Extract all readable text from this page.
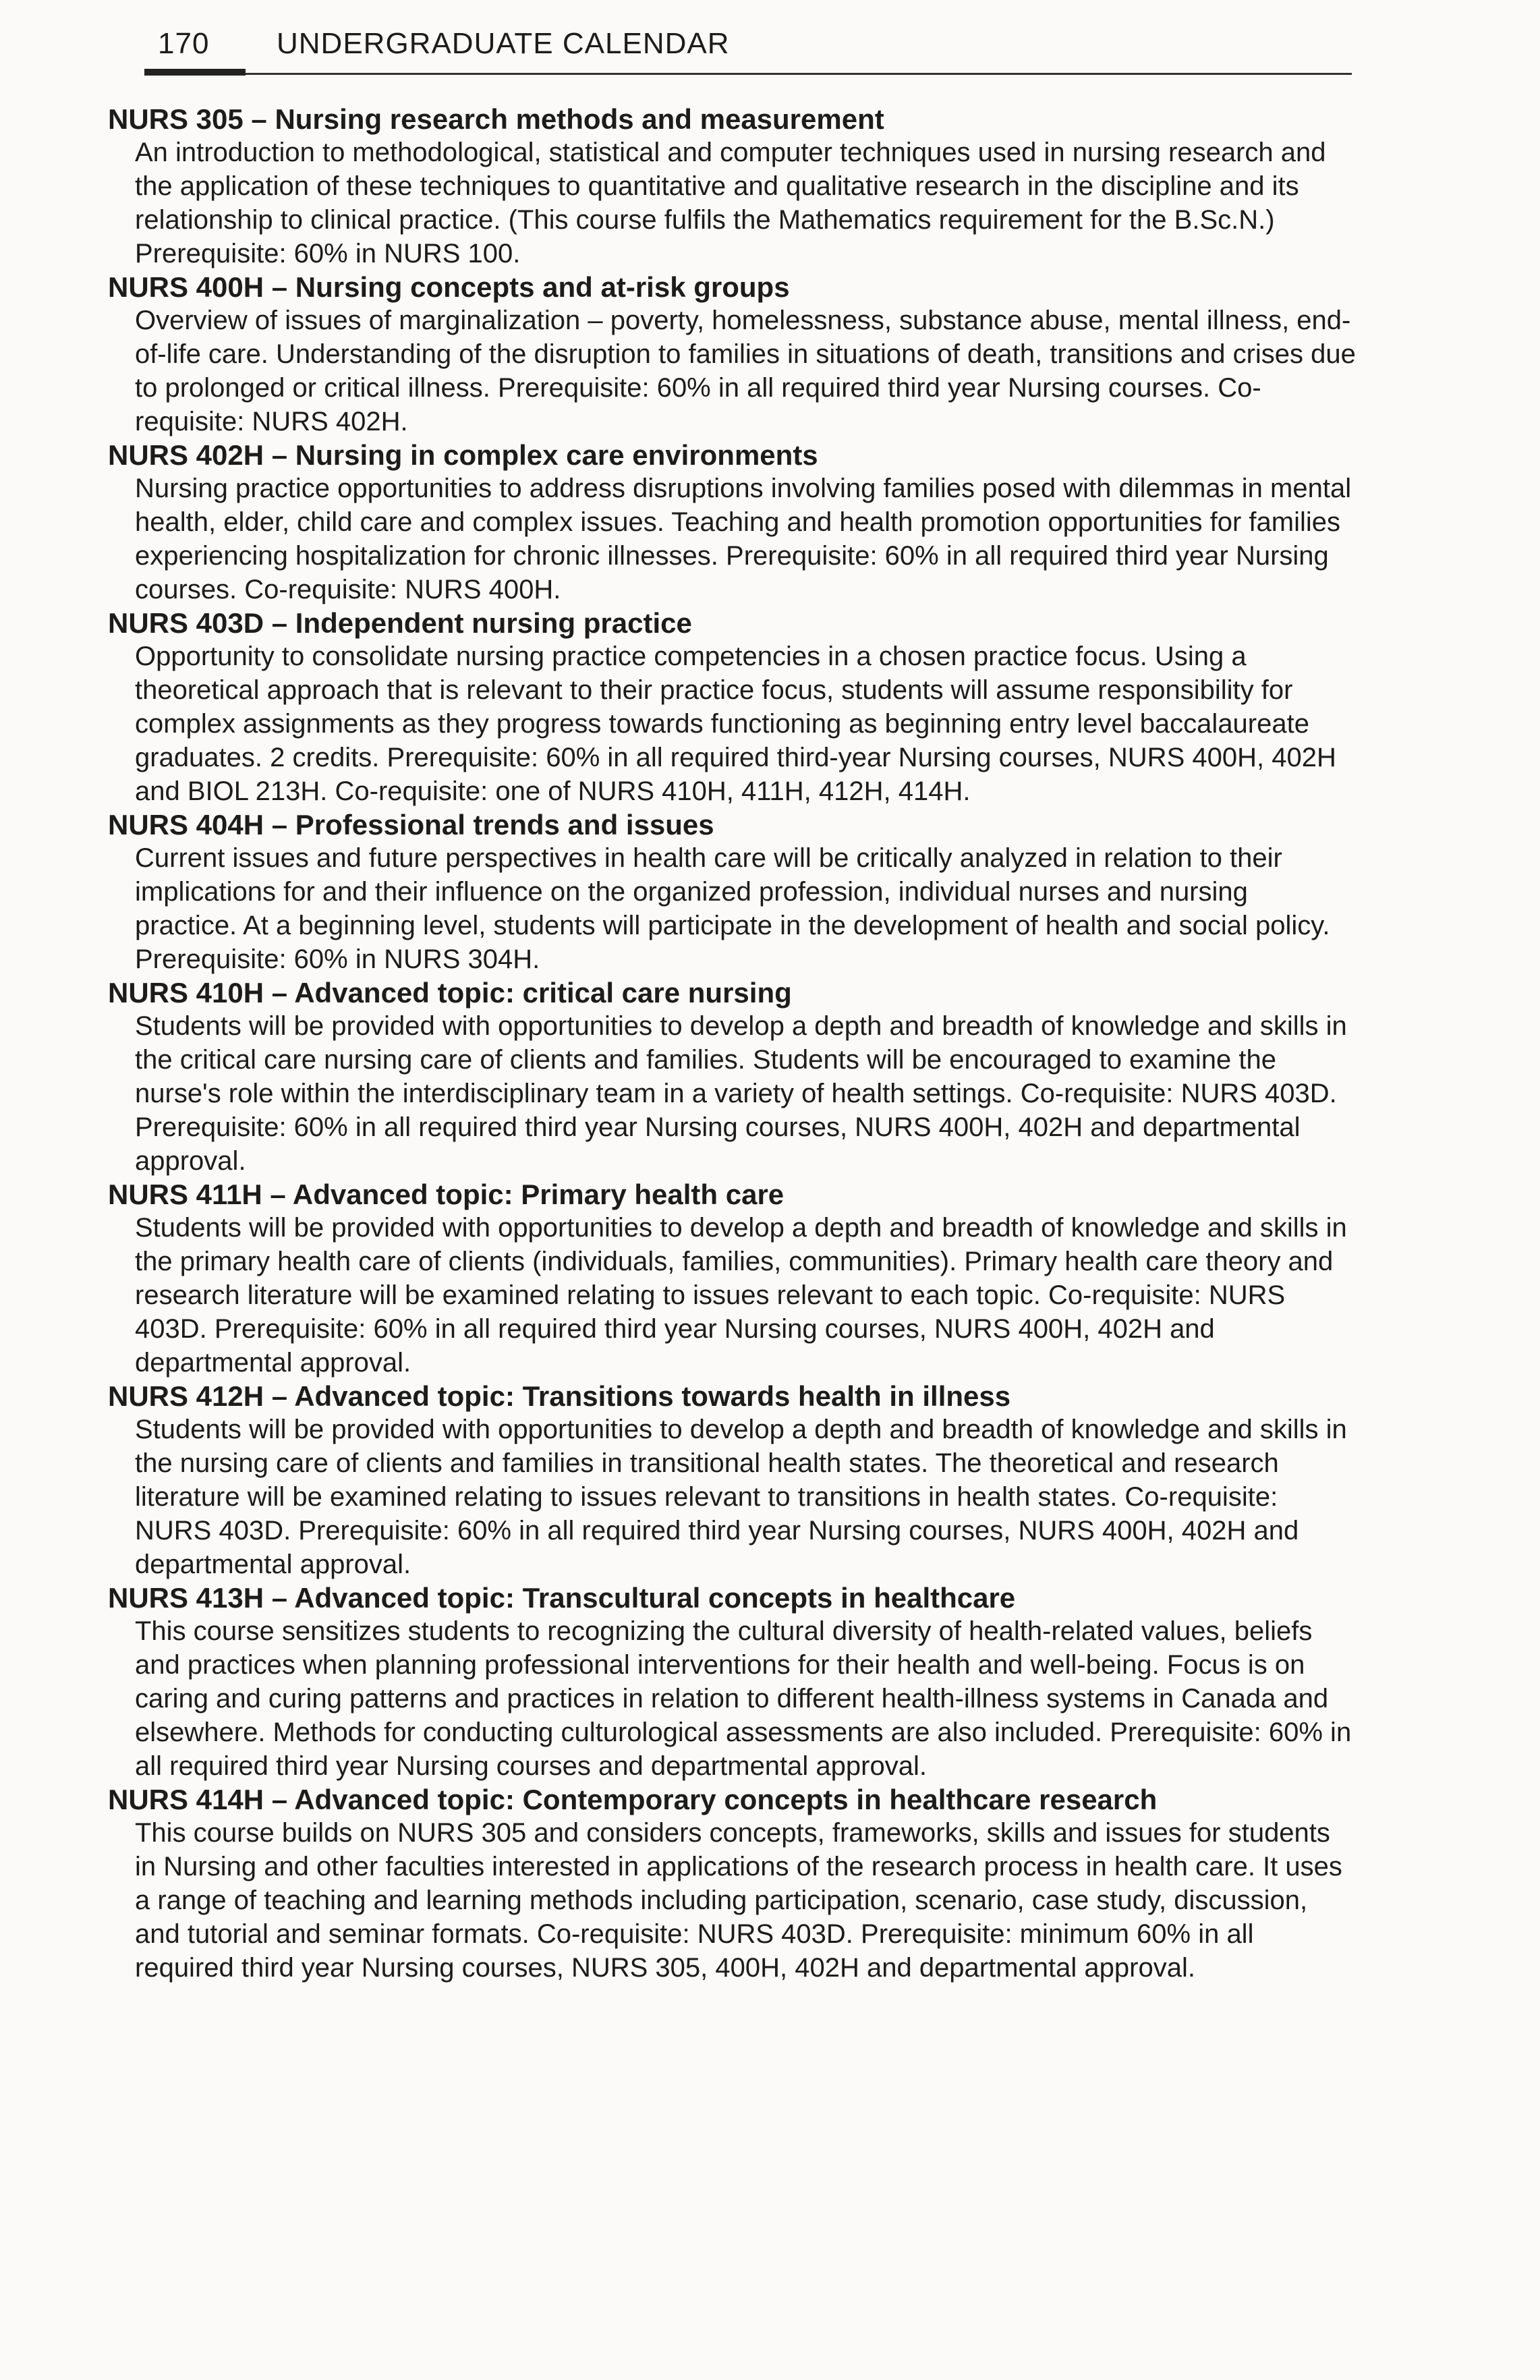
170 UNDERGRADUATE CALENDAR
NURS 305 – Nursing research methods and measurement
An introduction to methodological, statistical and computer techniques used in nursing research and the application of these techniques to quantitative and qualitative research in the discipline and its relationship to clinical practice. (This course fulfils the Mathematics requirement for the B.Sc.N.) Prerequisite: 60% in NURS 100.
NURS 400H – Nursing concepts and at-risk groups
Overview of issues of marginalization – poverty, homelessness, substance abuse, mental illness, end-of-life care. Understanding of the disruption to families in situations of death, transitions and crises due to prolonged or critical illness. Prerequisite: 60% in all required third year Nursing courses. Co-requisite: NURS 402H.
NURS 402H – Nursing in complex care environments
Nursing practice opportunities to address disruptions involving families posed with dilemmas in mental health, elder, child care and complex issues. Teaching and health promotion opportunities for families experiencing hospitalization for chronic illnesses. Prerequisite: 60% in all required third year Nursing courses. Co-requisite: NURS 400H.
NURS 403D – Independent nursing practice
Opportunity to consolidate nursing practice competencies in a chosen practice focus. Using a theoretical approach that is relevant to their practice focus, students will assume responsibility for complex assignments as they progress towards functioning as beginning entry level baccalaureate graduates. 2 credits. Prerequisite: 60% in all required third-year Nursing courses, NURS 400H, 402H and BIOL 213H. Co-requisite: one of NURS 410H, 411H, 412H, 414H.
NURS 404H – Professional trends and issues
Current issues and future perspectives in health care will be critically analyzed in relation to their implications for and their influence on the organized profession, individual nurses and nursing practice. At a beginning level, students will participate in the development of health and social policy. Prerequisite: 60% in NURS 304H.
NURS 410H – Advanced topic: critical care nursing
Students will be provided with opportunities to develop a depth and breadth of knowledge and skills in the critical care nursing care of clients and families. Students will be encouraged to examine the nurse's role within the interdisciplinary team in a variety of health settings. Co-requisite: NURS 403D. Prerequisite: 60% in all required third year Nursing courses, NURS 400H, 402H and departmental approval.
NURS 411H – Advanced topic: Primary health care
Students will be provided with opportunities to develop a depth and breadth of knowledge and skills in the primary health care of clients (individuals, families, communities). Primary health care theory and research literature will be examined relating to issues relevant to each topic. Co-requisite: NURS 403D. Prerequisite: 60% in all required third year Nursing courses, NURS 400H, 402H and departmental approval.
NURS 412H – Advanced topic: Transitions towards health in illness
Students will be provided with opportunities to develop a depth and breadth of knowledge and skills in the nursing care of clients and families in transitional health states. The theoretical and research literature will be examined relating to issues relevant to transitions in health states. Co-requisite: NURS 403D. Prerequisite: 60% in all required third year Nursing courses, NURS 400H, 402H and departmental approval.
NURS 413H – Advanced topic: Transcultural concepts in healthcare
This course sensitizes students to recognizing the cultural diversity of health-related values, beliefs and practices when planning professional interventions for their health and well-being. Focus is on caring and curing patterns and practices in relation to different health-illness systems in Canada and elsewhere. Methods for conducting culturological assessments are also included. Prerequisite: 60% in all required third year Nursing courses and departmental approval.
NURS 414H – Advanced topic: Contemporary concepts in healthcare research
This course builds on NURS 305 and considers concepts, frameworks, skills and issues for students in Nursing and other faculties interested in applications of the research process in health care. It uses a range of teaching and learning methods including participation, scenario, case study, discussion, and tutorial and seminar formats. Co-requisite: NURS 403D. Prerequisite: minimum 60% in all required third year Nursing courses, NURS 305, 400H, 402H and departmental approval.
